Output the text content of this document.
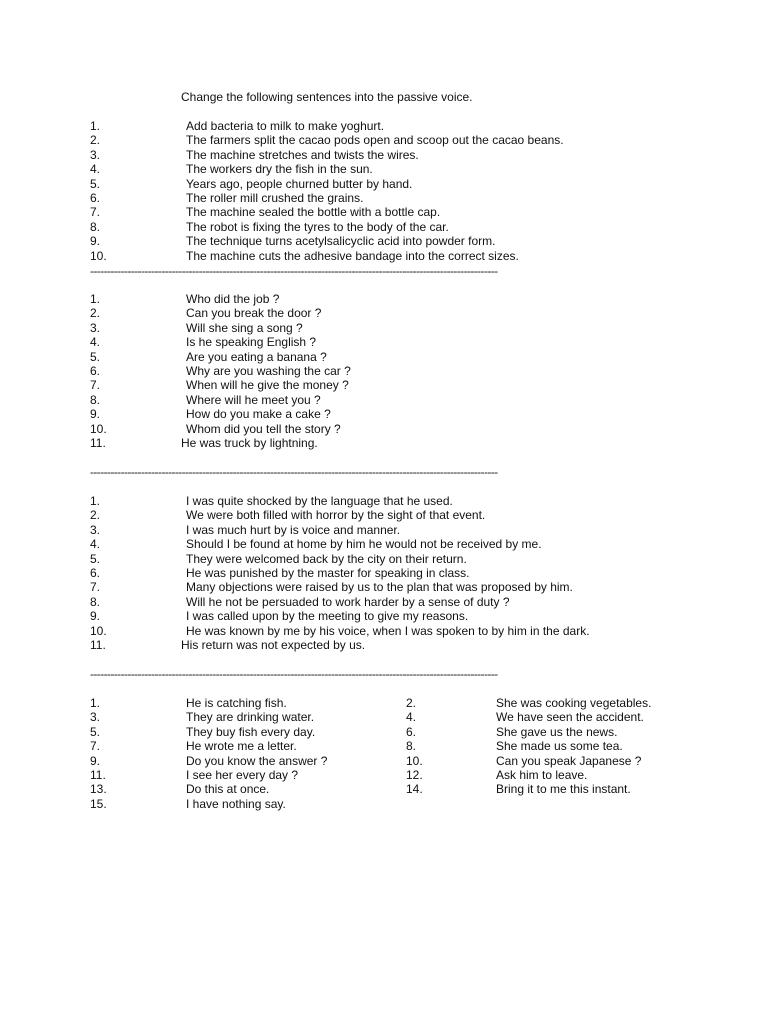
Change the following sentences into the passive voice.
1.	Add bacteria to milk to make yoghurt.
2.	The farmers split the cacao pods open and scoop out the cacao beans.
3.	The machine stretches and twists the wires.
4.	The workers dry the fish in the sun.
5.	Years ago, people churned butter by hand.
6.	The roller mill crushed the grains.
7.	The machine sealed the bottle with a bottle cap.
8.	The robot is fixing the tyres to the body of the car.
9.	The technique turns acetylsalicyclic acid into powder form.
10.	The machine cuts the adhesive bandage into the correct sizes.
------------------------------------------------------------------------------------------------------------------------
1.	Who did the job ?
2.	Can you break the door ?
3.	Will she sing a song ?
4.	Is he speaking English ?
5.	Are you eating a banana ?
6.	Why are you washing the car ?
7.	When will he give the money ?
8.	Where will he meet you ?
9.	How do you make a cake ?
10.	Whom did you tell the story ?
11.	He was truck by lightning.
------------------------------------------------------------------------------------------------------------------------
1.	I was quite shocked by the language that he used.
2.	We were both filled with horror by the sight of that event.
3.	I was much hurt by is voice and manner.
4.	Should I be found at home by him he would not be received by me.
5.	They were welcomed back by the city on their return.
6.	He was punished by the master for speaking in class.
7.	Many objections were raised by us to the plan that was proposed by him.
8.	Will he not be persuaded to work harder by a sense of duty ?
9.	I was called upon by the meeting to give my reasons.
10.	He was known by me by his voice, when I was spoken to by him in the dark.
11.	His return was not expected by us.
------------------------------------------------------------------------------------------------------------------------
1.	He is catching fish.	2.	She was cooking vegetables.
3.	They are drinking water.	4.	We have seen the accident.
5.	They buy fish every day.	6.	She gave us the news.
7.	He wrote me a letter.	8.	She made us some tea.
9.	Do you know the answer ?	10.	Can you speak Japanese ?
11.	I see her every day ?	12.	Ask him to leave.
13.	Do this at once.	14.	Bring it to me this instant.
15.	I have nothing say.
